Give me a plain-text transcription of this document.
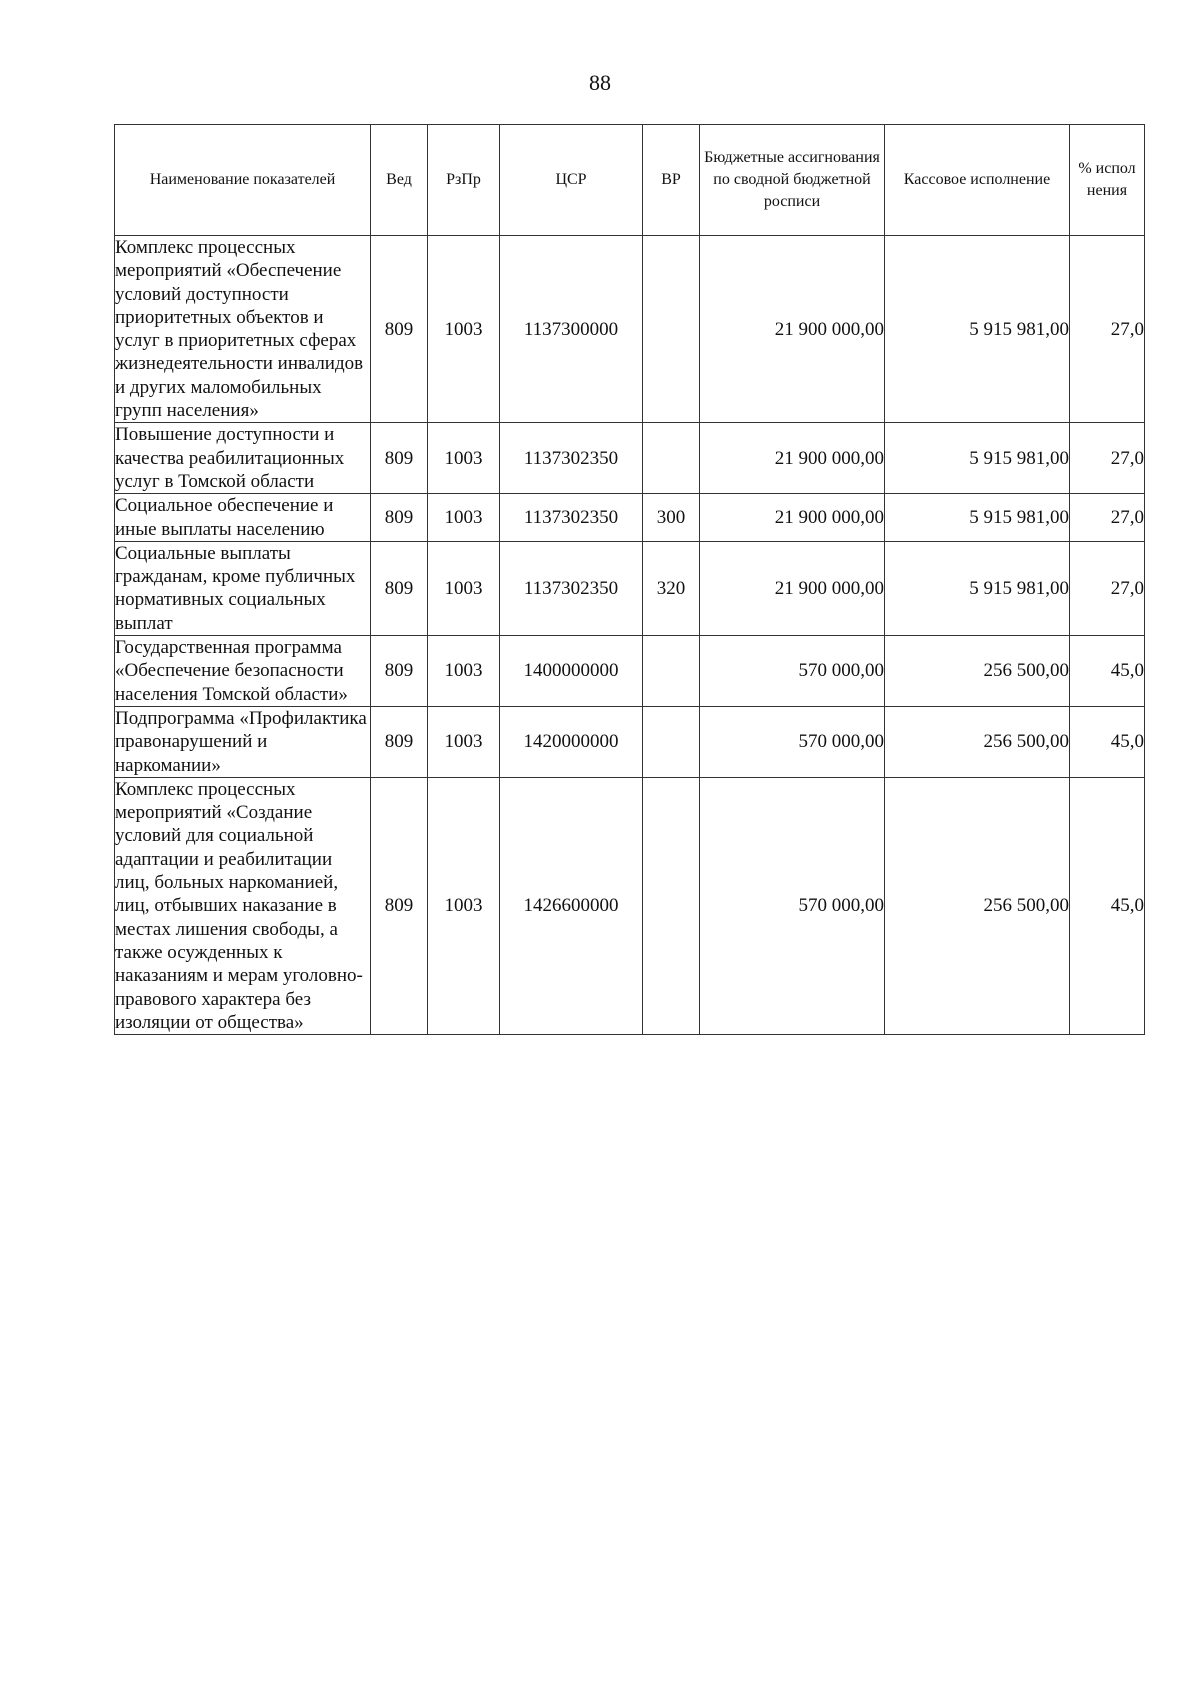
88
Наименование показателей	Вед	РзПр	ЦСР	ВР	Бюджетные ассигнования по сводной бюджетной росписи	Кассовое исполнение	% испол нения
Комплекс процессных мероприятий «Обеспечение условий доступности приоритетных объектов и услуг в приоритетных сферах жизнедеятельности инвалидов и других маломобильных групп населения»	809	1003	1137300000		21 900 000,00	5 915 981,00	27,0
Повышение доступности и качества реабилитационных услуг в Томской области	809	1003	1137302350		21 900 000,00	5 915 981,00	27,0
Социальное обеспечение и иные выплаты населению	809	1003	1137302350	300	21 900 000,00	5 915 981,00	27,0
Социальные выплаты гражданам, кроме публичных нормативных социальных выплат	809	1003	1137302350	320	21 900 000,00	5 915 981,00	27,0
Государственная программа «Обеспечение безопасности населения Томской области»	809	1003	1400000000		570 000,00	256 500,00	45,0
Подпрограмма «Профилактика правонарушений и наркомании»	809	1003	1420000000		570 000,00	256 500,00	45,0
Комплекс процессных мероприятий «Создание условий для социальной адаптации и реабилитации лиц, больных наркоманией, лиц, отбывших наказание в местах лишения свободы, а также осужденных к наказаниям и мерам уголовно-правового характера без изоляции от общества»	809	1003	1426600000		570 000,00	256 500,00	45,0
